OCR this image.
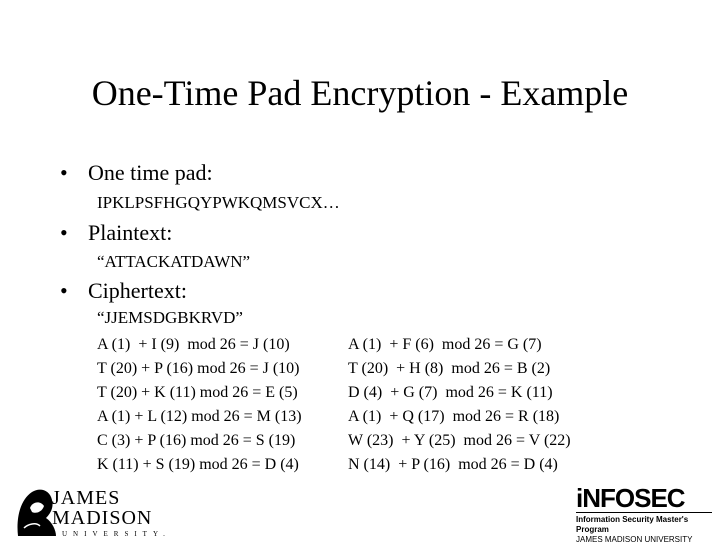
One-Time Pad Encryption - Example
• One time pad:
IPKLPSFHGQYPWKQMSVCX…
• Plaintext:
“ATTACKATDAWN”
• Ciphertext:
“JJEMSDGBKRVD”
A (1)  + I (9)  mod 26 = J (10)
T (20) + P (16) mod 26 = J (10)
T (20) + K (11) mod 26 = E (5)
A (1) + L (12) mod 26 = M (13)
C (3) + P (16) mod 26 = S (19)
K (11) + S (19) mod 26 = D (4)
A (1)  + F (6)  mod 26 = G (7)
T (20)  + H (8)  mod 26 = B (2)
D (4)  + G (7)  mod 26 = K (11)
A (1)  + Q (17)  mod 26 = R (18)
W (23)  + Y (25)  mod 26 = V (22)
N (14)  + P (16)  mod 26 = D (4)
JAMES
MADISON
UNIVERSITY.
iNFOSEC
Information Security Master's Program
JAMES MADISON UNIVERSITY
